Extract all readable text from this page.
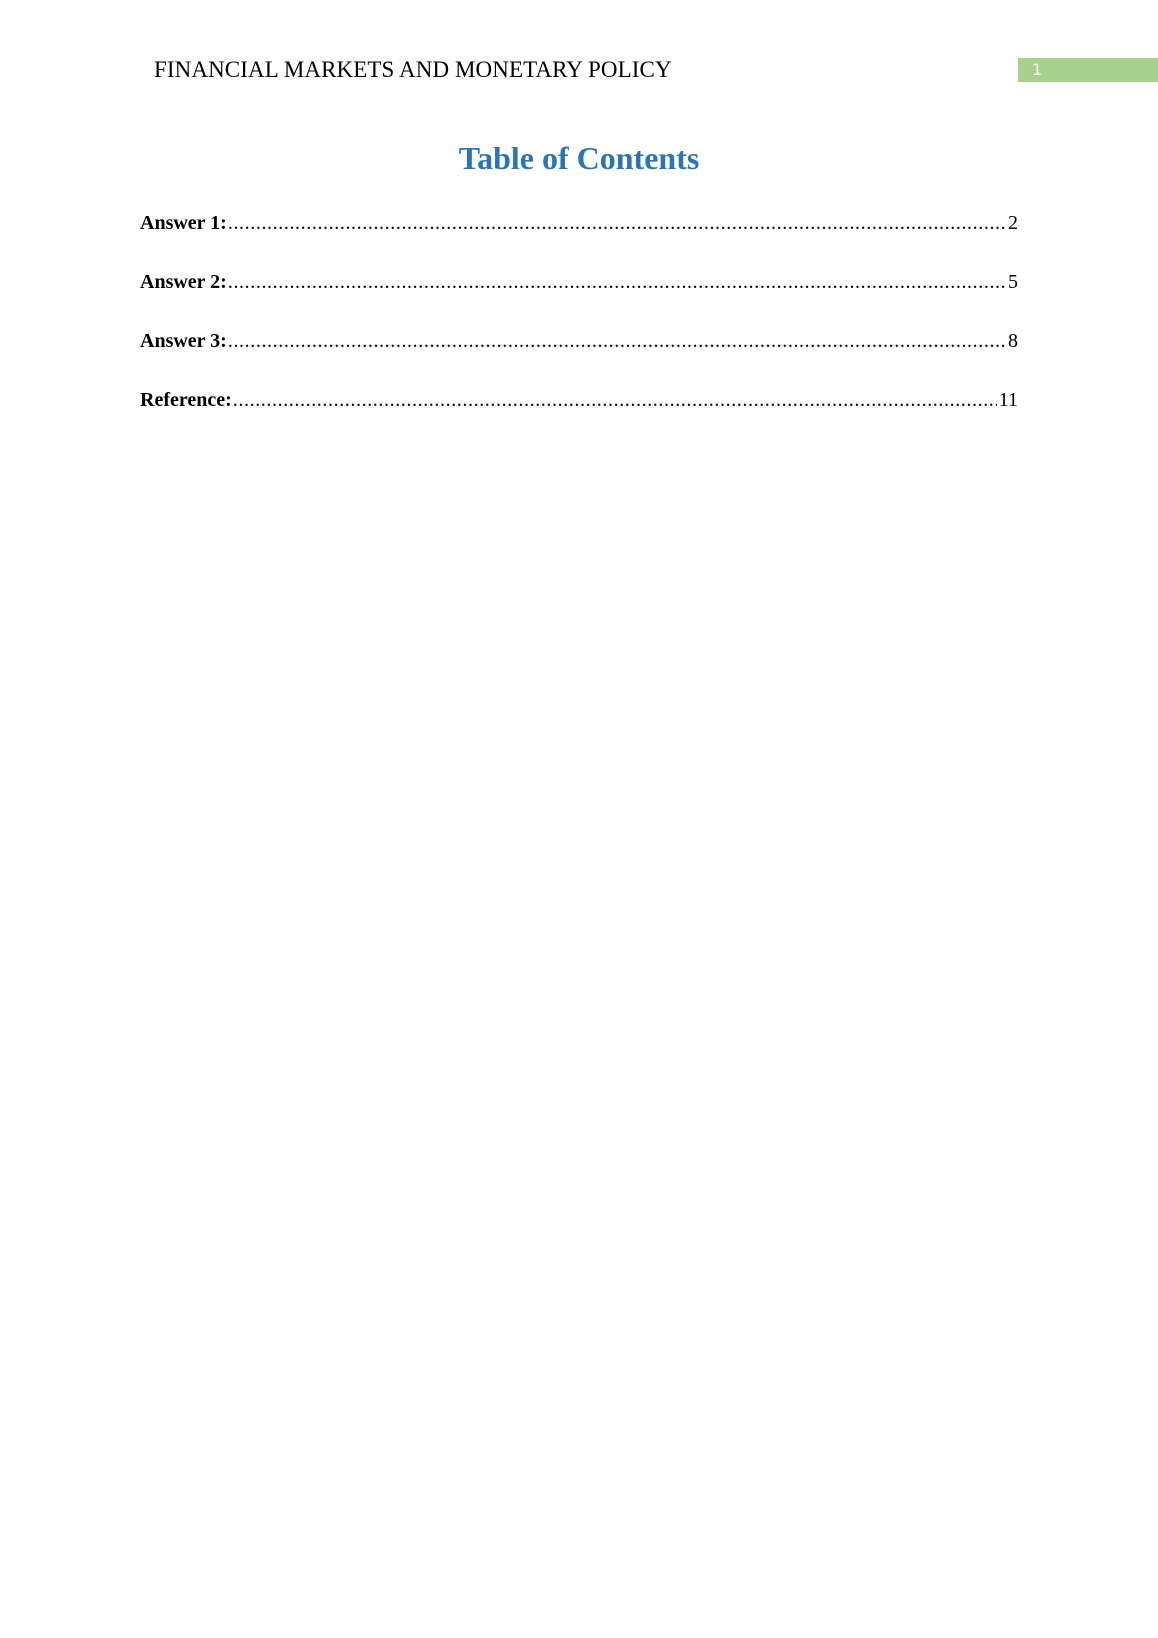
FINANCIAL MARKETS AND MONETARY POLICY	1
Table of Contents
Answer 1: .....	2
Answer 2: .....	5
Answer 3: .....	8
Reference: .....	11
